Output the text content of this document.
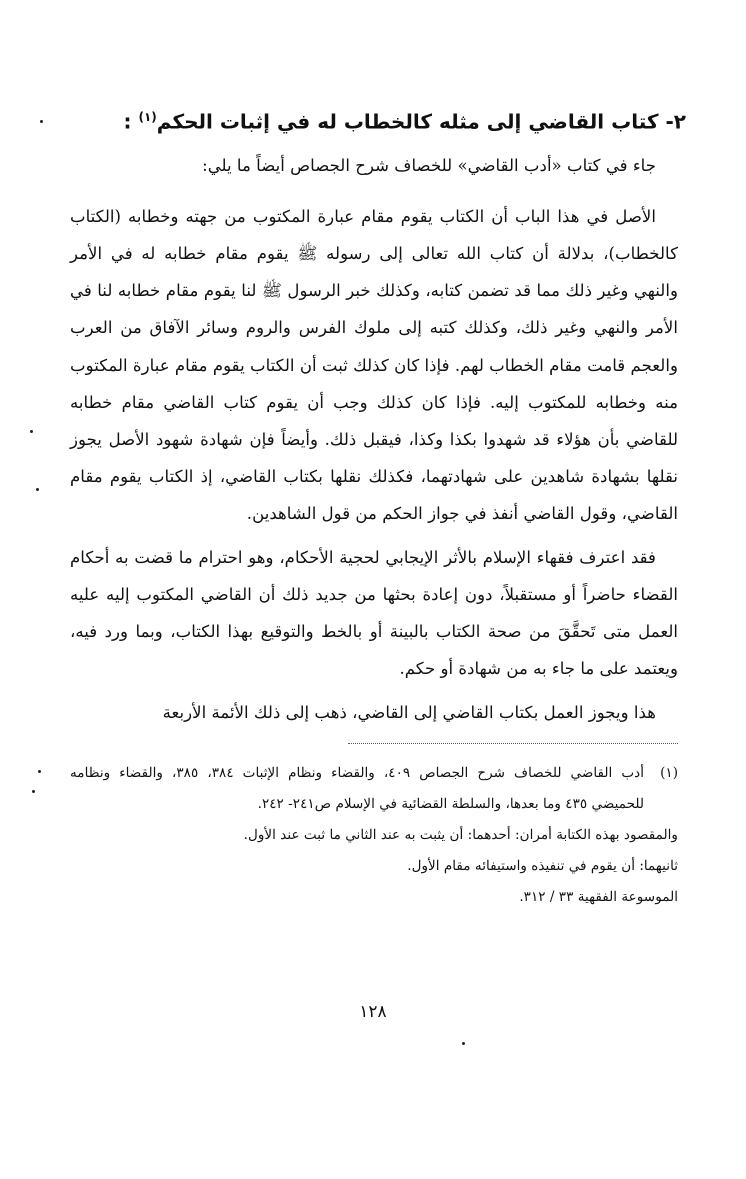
٢- كتاب القاضي إلى مثله كالخطاب له في إثبات الحكم$^{(١)}$ :

جاء في كتاب «أدب القاضي» للخصاف شرح الجصاص أيضاً ما يلي:

الأصل في هذا الباب أن الكتاب يقوم مقام عبارة المكتوب من جهته وخطابه (الكتاب كالخطاب)، بدلالة أن كتاب الله تعالى إلى رسوله ﷺ يقوم مقام خطابه له في الأمر والنهي وغير ذلك مما قد تضمن كتابه، وكذلك خبر الرسول ﷺ لنا يقوم مقام خطابه لنا في الأمر والنهي وغير ذلك، وكذلك كتبه إلى ملوك الفرس والروم وسائر الآفاق من العرب والعجم قامت مقام الخطاب لهم. فإذا كان كذلك ثبت أن الكتاب يقوم مقام عبارة المكتوب منه وخطابه للمكتوب إليه. فإذا كان كذلك وجب أن يقوم كتاب القاضي مقام خطابه للقاضي بأن هؤلاء قد شهدوا بكذا وكذا، فيقبل ذلك. وأيضاً فإن شهادة شهود الأصل يجوز نقلها بشهادة شاهدين على شهادتهما، فكذلك نقلها بكتاب القاضي، إذ الكتاب يقوم مقام القاضي، وقول القاضي أنفذ في جواز الحكم من قول الشاهدين.

فقد اعترف فقهاء الإسلام بالأثر الإيجابي لحجية الأحكام، وهو احترام ما قضت به أحكام القضاء حاضراً أو مستقبلاً، دون إعادة بحثها من جديد ذلك أن القاضي المكتوب إليه عليه العمل متى تَحقَّقَ من صحة الكتاب بالبينة أو بالخط والتوقيع بهذا الكتاب، وبما ورد فيه، ويعتمد على ما جاء به من شهادة أو حكم.

هذا ويجوز العمل بكتاب القاضي إلى القاضي، ذهب إلى ذلك الأئمة الأربعة

(١)
أدب القاضي للخصاف شرح الجصاص ٤٠٩، والقضاء ونظام الإثبات ٣٨٤، ٣٨٥، والقضاء ونظامه للحميضي ٤٣٥ وما بعدها، والسلطة القضائية في الإسلام ص٢٤١- ٢٤٢.
والمقصود بهذه الكتابة أمران: أحدهما: أن يثبت به عند الثاني ما ثبت عند الأول.
ثانيهما: أن يقوم في تنفيذه واستيفائه مقام الأول.
الموسوعة الفقهية ٣٣ / ٣١٢.
١٢٨
